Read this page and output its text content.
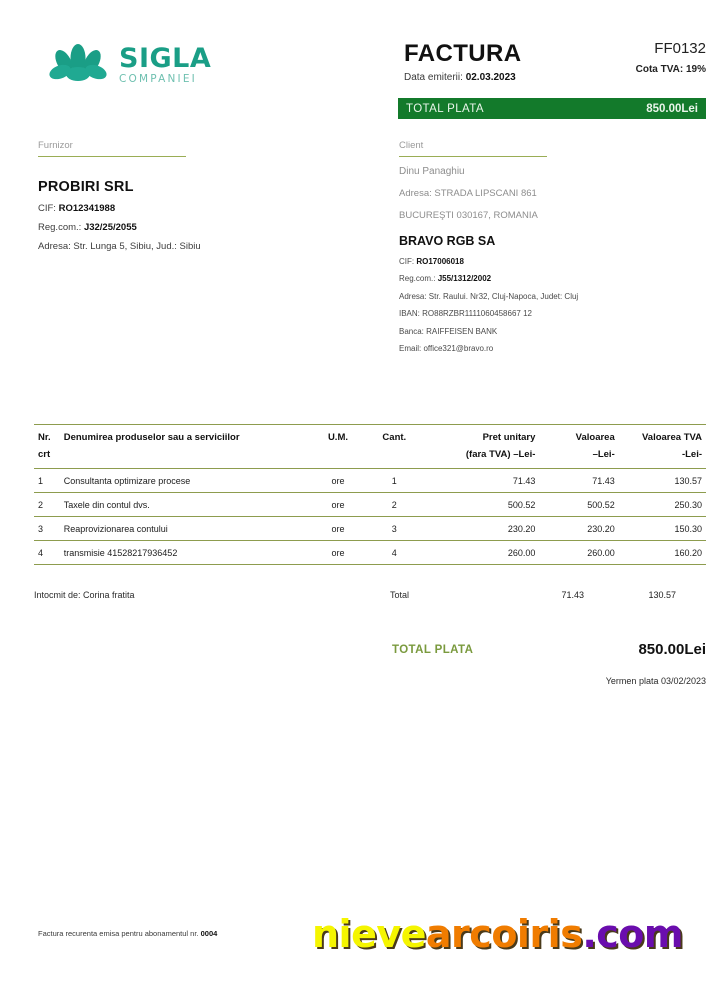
SIGLA
COMPANIEI
FACTURA
Data emiterii: 02.03.2023
FF0132
Cota TVA: 19%
TOTAL PLATA	850.00Lei
Furnizor
PROBIRI SRL
CIF: RO12341988
Reg.com.: J32/25/2055
Adresa: Str. Lunga 5, Sibiu, Jud.: Sibiu
Client
Dinu Panaghiu
Adresa: STRADA LIPSCANI 861
BUCUREŞTI 030167, ROMANIA
BRAVO RGB SA
CIF: RO17006018
Reg.com.: J55/1312/2002
Adresa: Str. Raului. Nr32, Cluj-Napoca, Judet: Cluj
IBAN: RO88RZBR1111060458667 12
Banca: RAIFFEISEN BANK
Email: office321@bravo.ro
Nr.	Denumirea produselor sau a serviciilor	U.M.	Cant.	Pret unitary	Valoarea	Valoarea TVA
crt				(fara TVA) –Lei-	–Lei-	-Lei-
1	Consultanta optimizare procese	ore	1	71.43	71.43	130.57
2	Taxele din contul dvs.	ore	2	500.52	500.52	250.30
3	Reaprovizionarea contului	ore	3	230.20	230.20	150.30
4	transmisie 41528217936452	ore	4	260.00	260.00	160.20
Intocmit de: Corina fratita	Total	71.43	130.57
TOTAL PLATA	850.00Lei
Yermen plata 03/02/2023
Factura recurenta emisa pentru abonamentul nr. 0004 nievearcoiris.com
